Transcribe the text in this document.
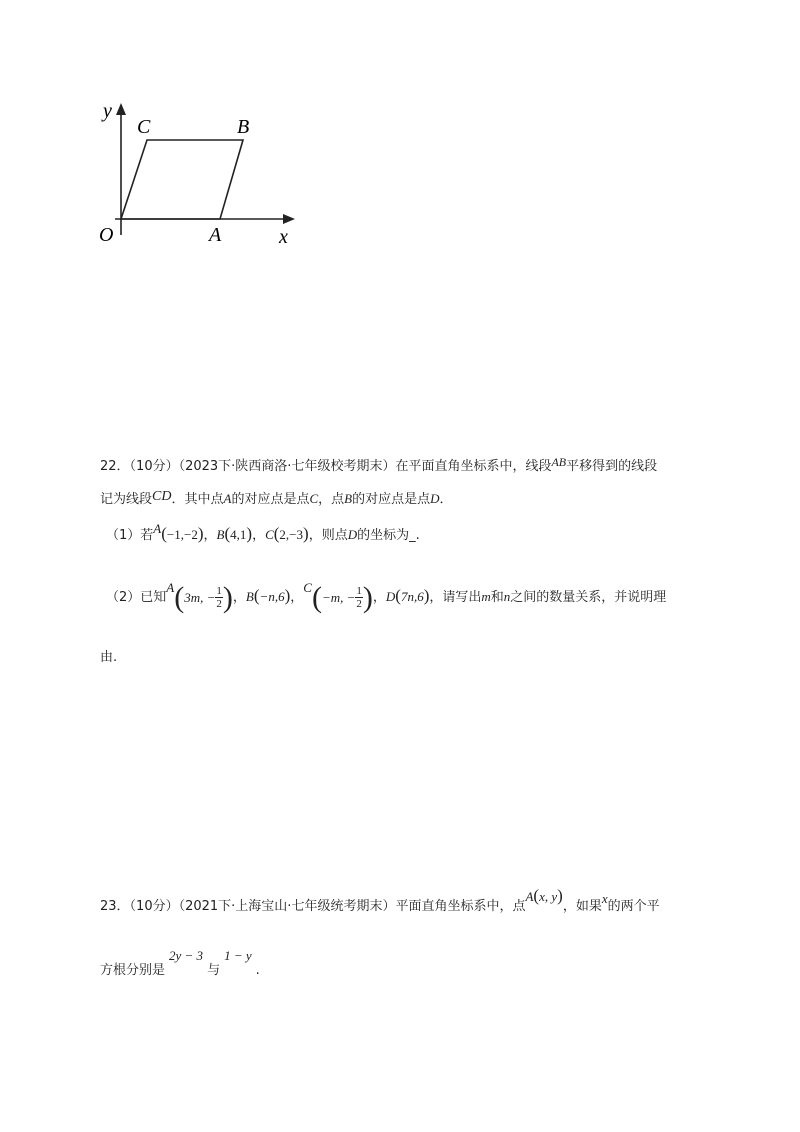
y
x
O	A
B
C
22．（10分）（2023下·陕西商洛·七年级校考期末）在平面直角坐标系中，线段AB平移得到的线段
记为线段CD．其中点A的对应点是点C，点B的对应点是点D．
（1）若A(−1,−2)，B(4,1)，C(2,−3)，则点D的坐标为_.
（2）已知A(3m, − $\frac{1}{2}$ )，B(−n,6)，C(−m, − $\frac{1}{2}$ )，D(7n,6)，请写出m和n之间的数量关系，并说明理
由.
23．（10分）（2021下·上海宝山·七年级统考期末）平面直角坐标系中，点A(x, y)，如果x的两个平
方根分别是2y − 3与1 − y.
